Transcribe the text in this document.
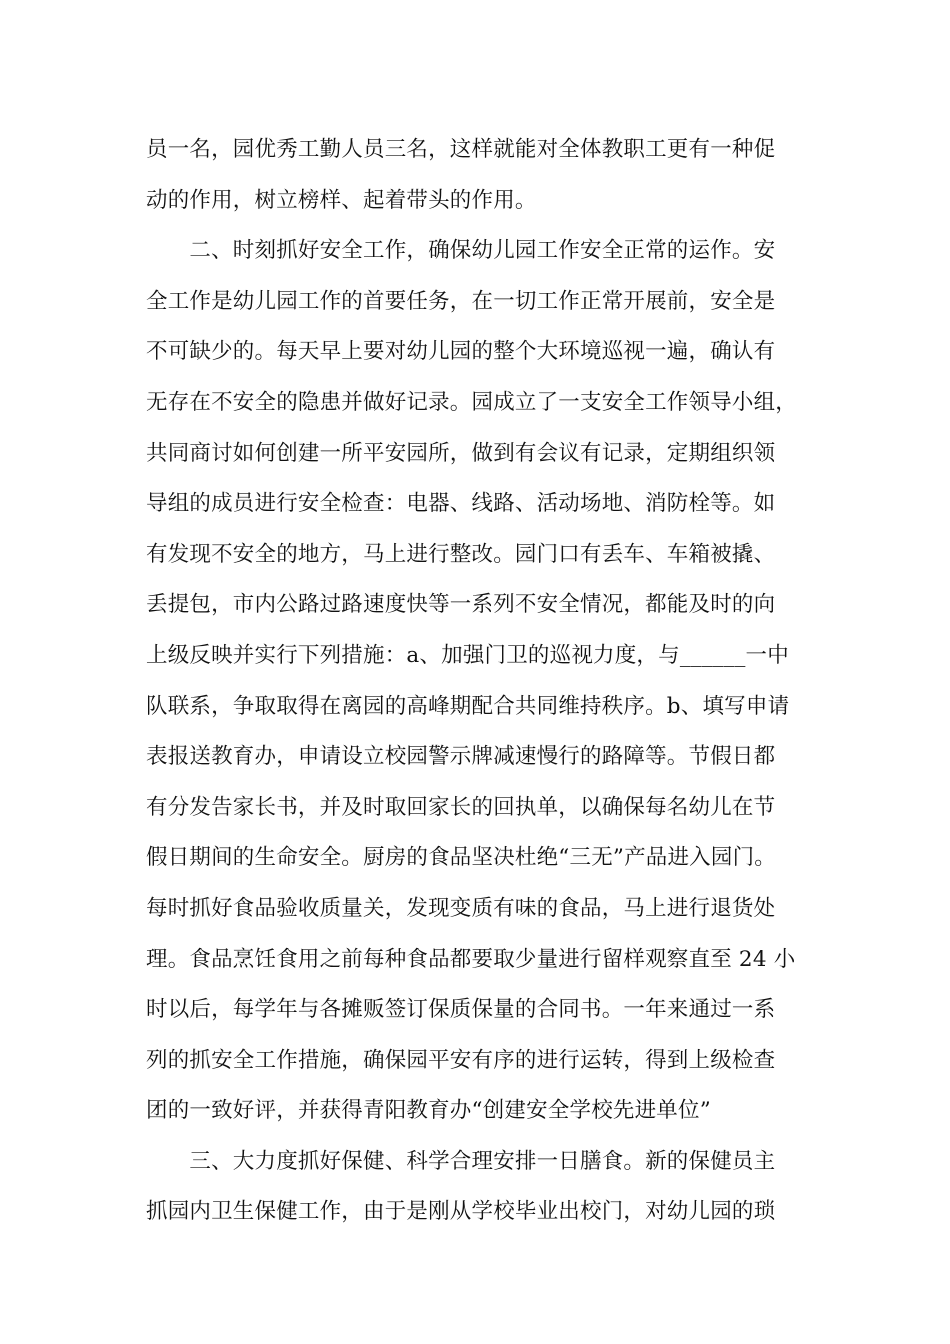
员一名，园优秀工勤人员三名，这样就能对全体教职工更有一种促
动的作用，树立榜样、起着带头的作用。
　　二、时刻抓好安全工作，确保幼儿园工作安全正常的运作。安
全工作是幼儿园工作的首要任务，在一切工作正常开展前，安全是
不可缺少的。每天早上要对幼儿园的整个大环境巡视一遍，确认有
无存在不安全的隐患并做好记录。园成立了一支安全工作领导小组，
共同商讨如何创建一所平安园所，做到有会议有记录，定期组织领
导组的成员进行安全检查：电器、线路、活动场地、消防栓等。如
有发现不安全的地方，马上进行整改。园门口有丢车、车箱被撬、
丢提包，市内公路过路速度快等一系列不安全情况，都能及时的向
上级反映并实行下列措施：a、加强门卫的巡视力度，与______一中
队联系，争取取得在离园的高峰期配合共同维持秩序。b、填写申请
表报送教育办，申请设立校园警示牌减速慢行的路障等。节假日都
有分发告家长书，并及时取回家长的回执单，以确保每名幼儿在节
假日期间的生命安全。厨房的食品坚决杜绝“三无”产品进入园门。
每时抓好食品验收质量关，发现变质有味的食品，马上进行退货处
理。食品烹饪食用之前每种食品都要取少量进行留样观察直至 24 小
时以后，每学年与各摊贩签订保质保量的合同书。一年来通过一系
列的抓安全工作措施，确保园平安有序的进行运转，得到上级检查
团的一致好评，并获得青阳教育办“创建安全学校先进单位”
　　三、大力度抓好保健、科学合理安排一日膳食。新的保健员主
抓园内卫生保健工作，由于是刚从学校毕业出校门，对幼儿园的琐
